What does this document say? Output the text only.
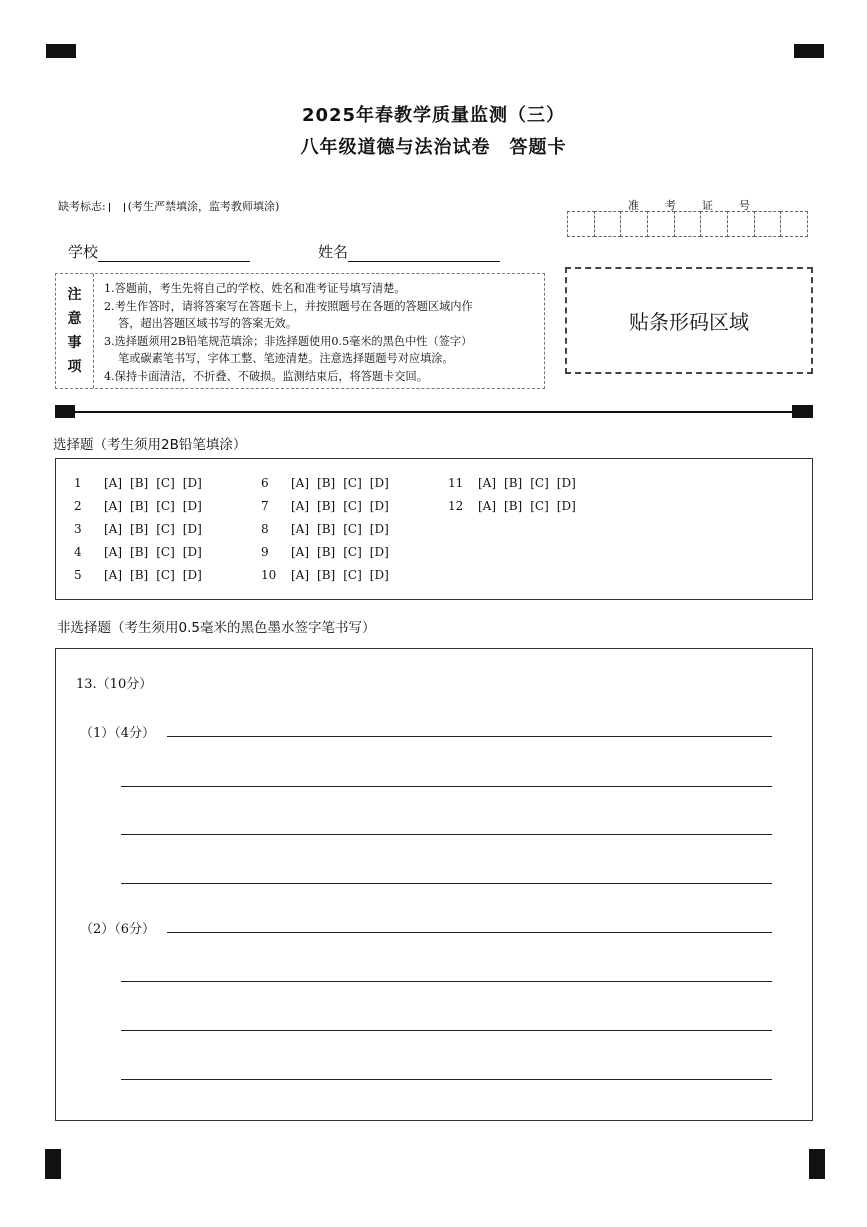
2025年春教学质量监测（三）
八年级道德与法治试卷　答题卡
缺考标志: (考生严禁填涂，监考教师填涂)	准 考 证 号
学校	姓名
注
意
事
项
1.答题前，考生先将自己的学校、姓名和准考证号填写清楚。
2.考生作答时，请将答案写在答题卡上，并按照题号在各题的答题区域内作
答，超出答题区域书写的答案无效。
3.选择题须用2B铅笔规范填涂；非选择题使用0.5毫米的黑色中性（签字）
笔或碳素笔书写，字体工整、笔迹清楚。注意选择题题号对应填涂。
4.保持卡面清洁，不折叠、不破损。监测结束后，将答题卡交回。
贴条形码区域
选择题（考生须用2B铅笔填涂）
1 [A] [B] [C] [D]
2 [A] [B] [C] [D]
3 [A] [B] [C] [D]
4 [A] [B] [C] [D]
5 [A] [B] [C] [D]
6 [A] [B] [C] [D]
7 [A] [B] [C] [D]
8 [A] [B] [C] [D]
9 [A] [B] [C] [D]
10 [A] [B] [C] [D]
11 [A] [B] [C] [D]
12 [A] [B] [C] [D]
非选择题（考生须用0.5毫米的黑色墨水签字笔书写）
13.（10分）
（1）（4分）
（2）（6分）
